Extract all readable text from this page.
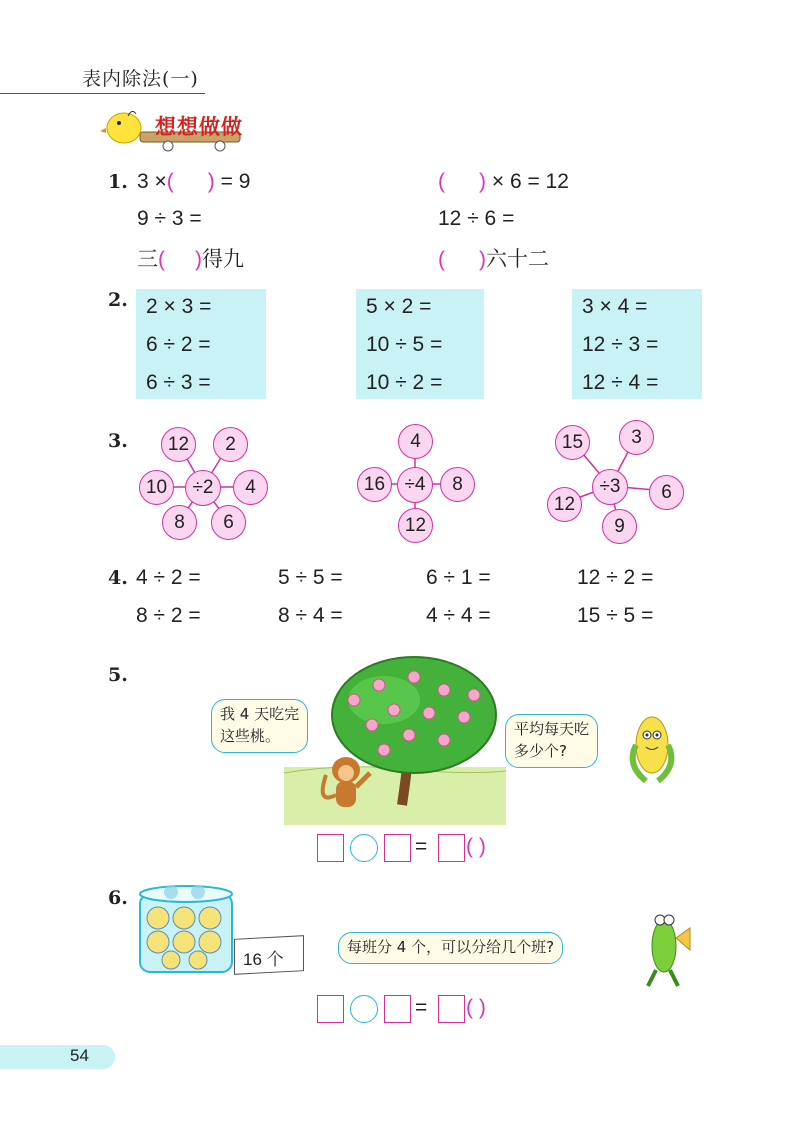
表内除法(一)
想想做做
1. 3 ×( ) = 9
9 ÷ 3 =
三( )得九
( ) × 6 = 12
12 ÷ 6 =
( )六十二
2. 2 × 3 =
6 ÷ 2 =
6 ÷ 3 =
5 × 2 =
10 ÷ 5 =
10 ÷ 2 =
3 × 4 =
12 ÷ 3 =
12 ÷ 4 =
3.
÷2
12	2
4
6
8
10	÷4
4
8
12
16	÷3
15	3
6
9
12
4. 4 ÷ 2 =	5 ÷ 5 =	6 ÷ 1 =	12 ÷ 2 =
8 ÷ 2 =	8 ÷ 4 =	4 ÷ 4 =	15 ÷ 5 =
5.
我 4 天吃完
这些桃。	平均每天吃
多少个?
= ( )
6.
16 个
每班分 4 个，可以分给几个班?
= ( )
54
